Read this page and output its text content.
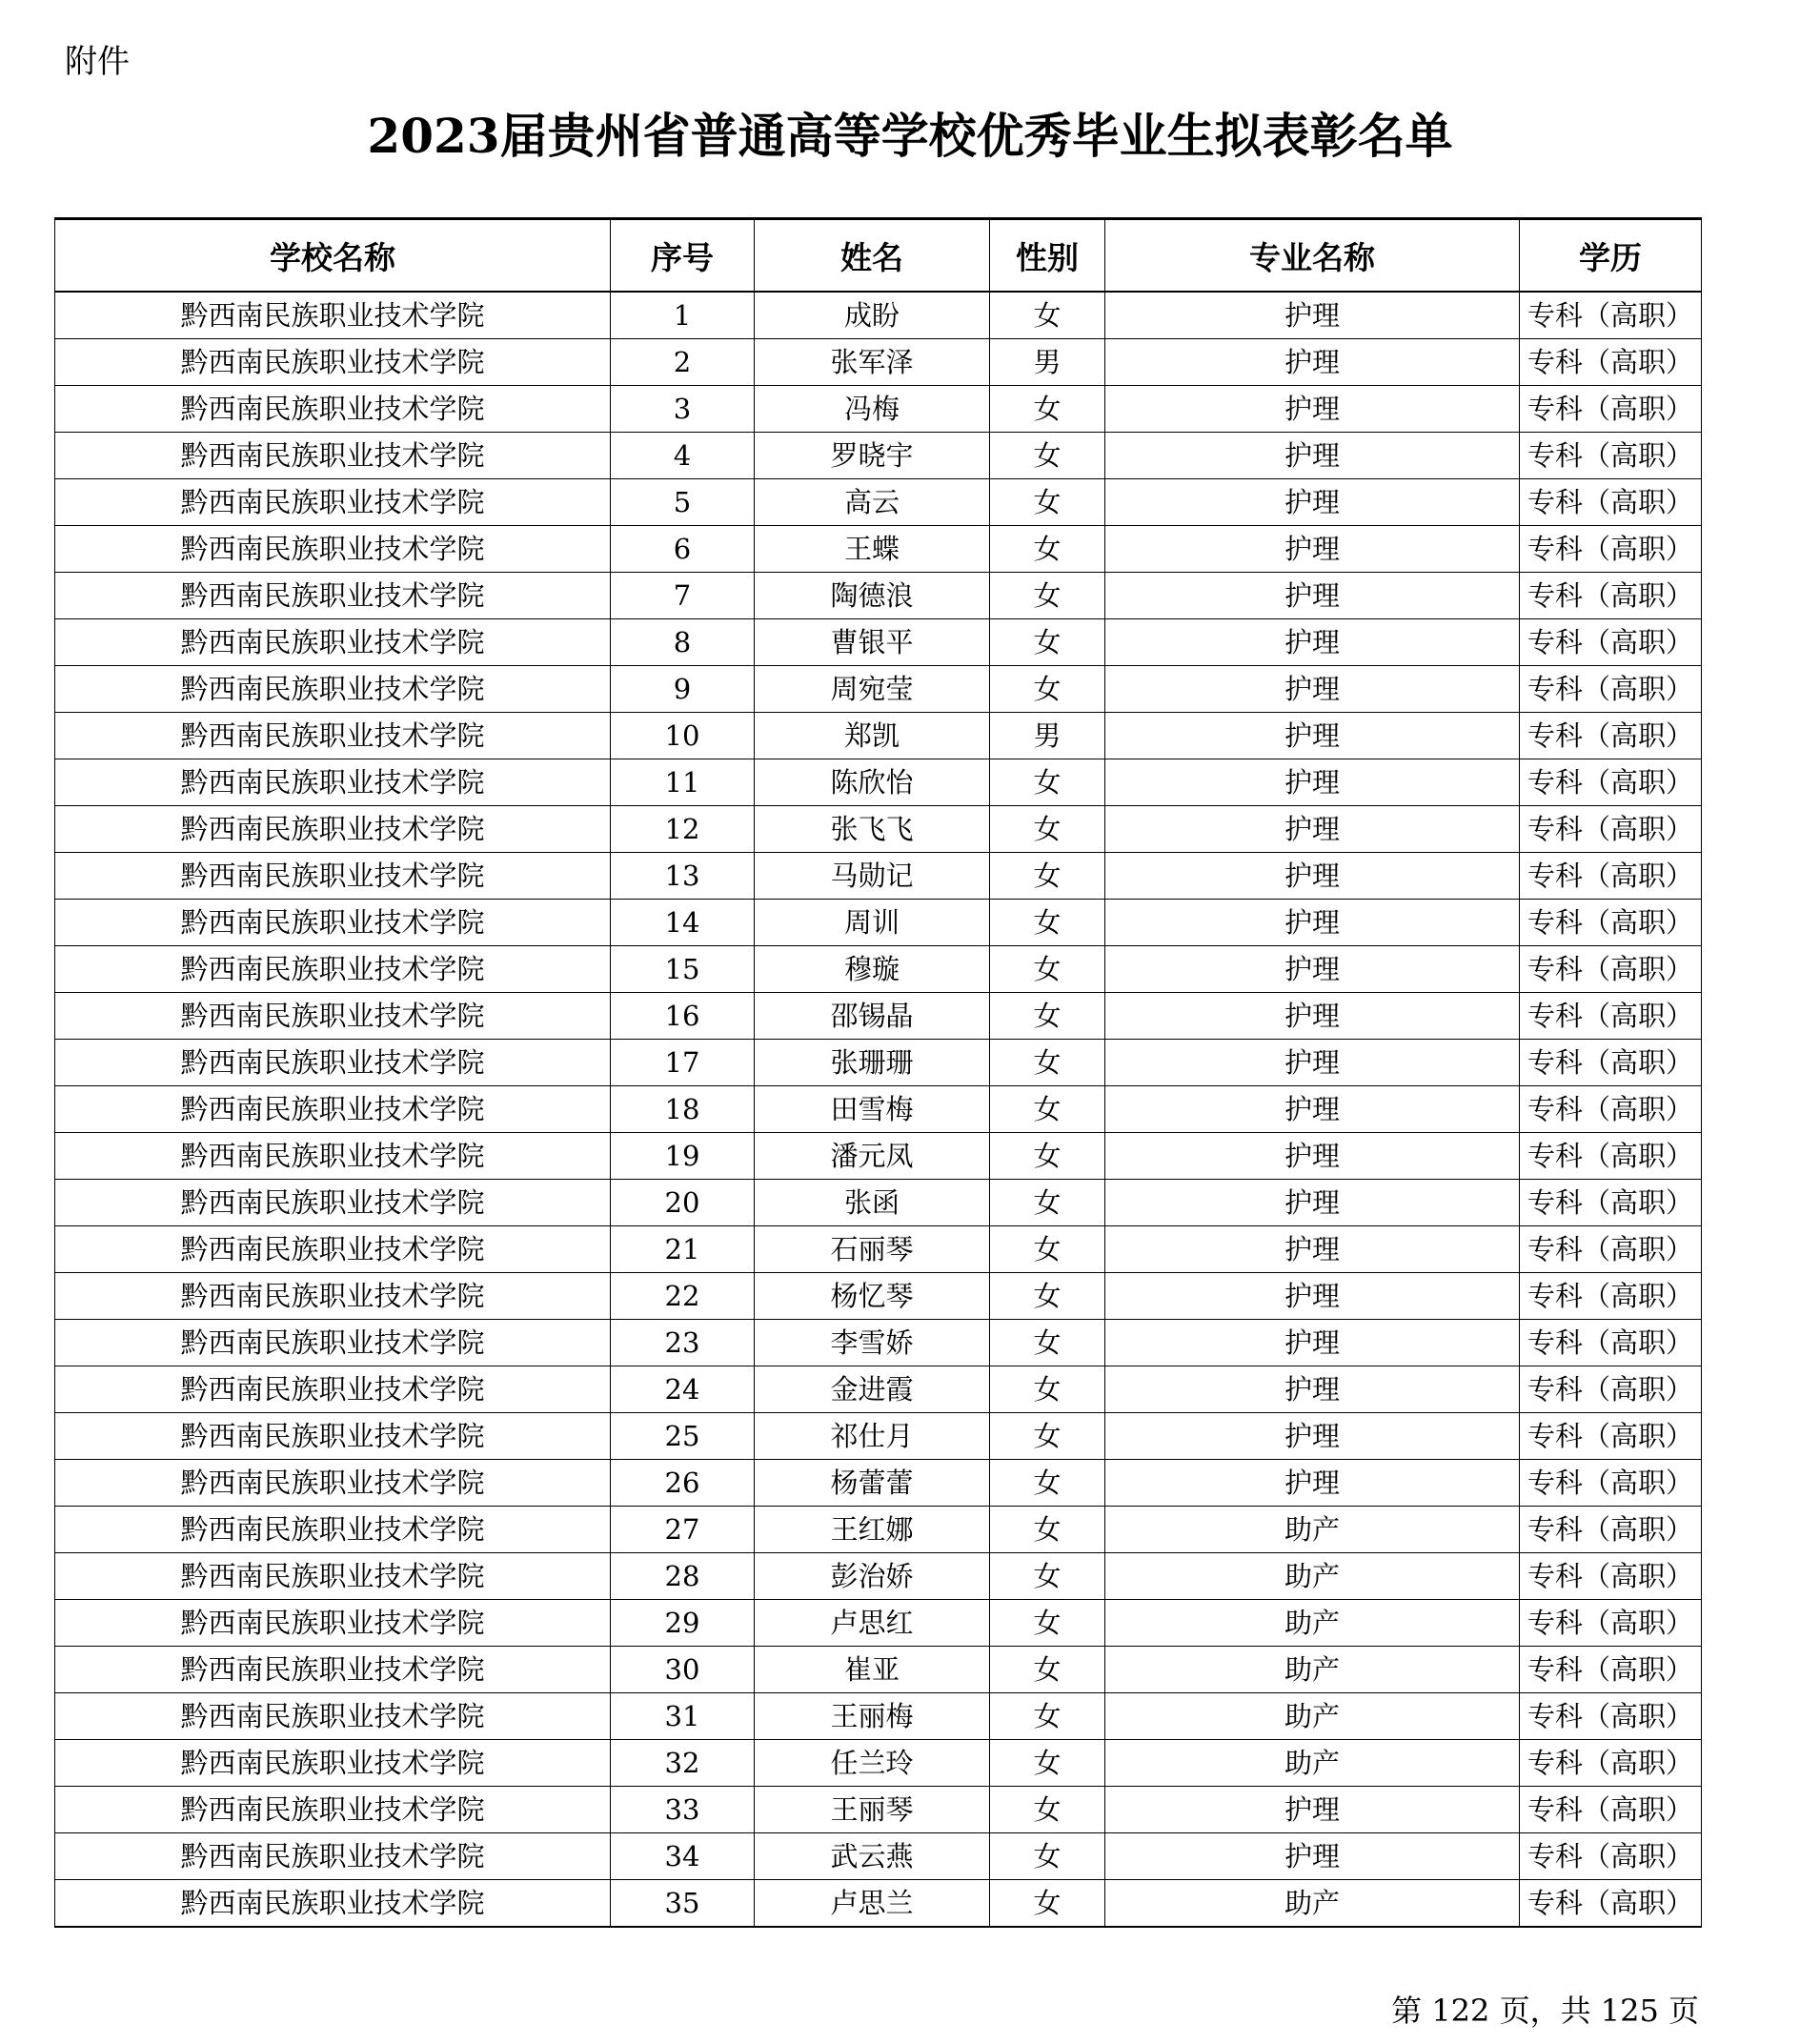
附件
2023届贵州省普通高等学校优秀毕业生拟表彰名单
学校名称	序号	姓名	性别	专业名称	学历
黔西南民族职业技术学院	1	成盼	女	护理	专科（高职）
黔西南民族职业技术学院	2	张军泽	男	护理	专科（高职）
黔西南民族职业技术学院	3	冯梅	女	护理	专科（高职）
黔西南民族职业技术学院	4	罗晓宇	女	护理	专科（高职）
黔西南民族职业技术学院	5	高云	女	护理	专科（高职）
黔西南民族职业技术学院	6	王蝶	女	护理	专科（高职）
黔西南民族职业技术学院	7	陶德浪	女	护理	专科（高职）
黔西南民族职业技术学院	8	曹银平	女	护理	专科（高职）
黔西南民族职业技术学院	9	周宛莹	女	护理	专科（高职）
黔西南民族职业技术学院	10	郑凯	男	护理	专科（高职）
黔西南民族职业技术学院	11	陈欣怡	女	护理	专科（高职）
黔西南民族职业技术学院	12	张飞飞	女	护理	专科（高职）
黔西南民族职业技术学院	13	马勋记	女	护理	专科（高职）
黔西南民族职业技术学院	14	周训	女	护理	专科（高职）
黔西南民族职业技术学院	15	穆璇	女	护理	专科（高职）
黔西南民族职业技术学院	16	邵锡晶	女	护理	专科（高职）
黔西南民族职业技术学院	17	张珊珊	女	护理	专科（高职）
黔西南民族职业技术学院	18	田雪梅	女	护理	专科（高职）
黔西南民族职业技术学院	19	潘元凤	女	护理	专科（高职）
黔西南民族职业技术学院	20	张函	女	护理	专科（高职）
黔西南民族职业技术学院	21	石丽琴	女	护理	专科（高职）
黔西南民族职业技术学院	22	杨忆琴	女	护理	专科（高职）
黔西南民族职业技术学院	23	李雪娇	女	护理	专科（高职）
黔西南民族职业技术学院	24	金进霞	女	护理	专科（高职）
黔西南民族职业技术学院	25	祁仕月	女	护理	专科（高职）
黔西南民族职业技术学院	26	杨蕾蕾	女	护理	专科（高职）
黔西南民族职业技术学院	27	王红娜	女	助产	专科（高职）
黔西南民族职业技术学院	28	彭治娇	女	助产	专科（高职）
黔西南民族职业技术学院	29	卢思红	女	助产	专科（高职）
黔西南民族职业技术学院	30	崔亚	女	助产	专科（高职）
黔西南民族职业技术学院	31	王丽梅	女	助产	专科（高职）
黔西南民族职业技术学院	32	任兰玲	女	助产	专科（高职）
黔西南民族职业技术学院	33	王丽琴	女	护理	专科（高职）
黔西南民族职业技术学院	34	武云燕	女	护理	专科（高职）
黔西南民族职业技术学院	35	卢思兰	女	助产	专科（高职）
第 122 页，共 125 页
